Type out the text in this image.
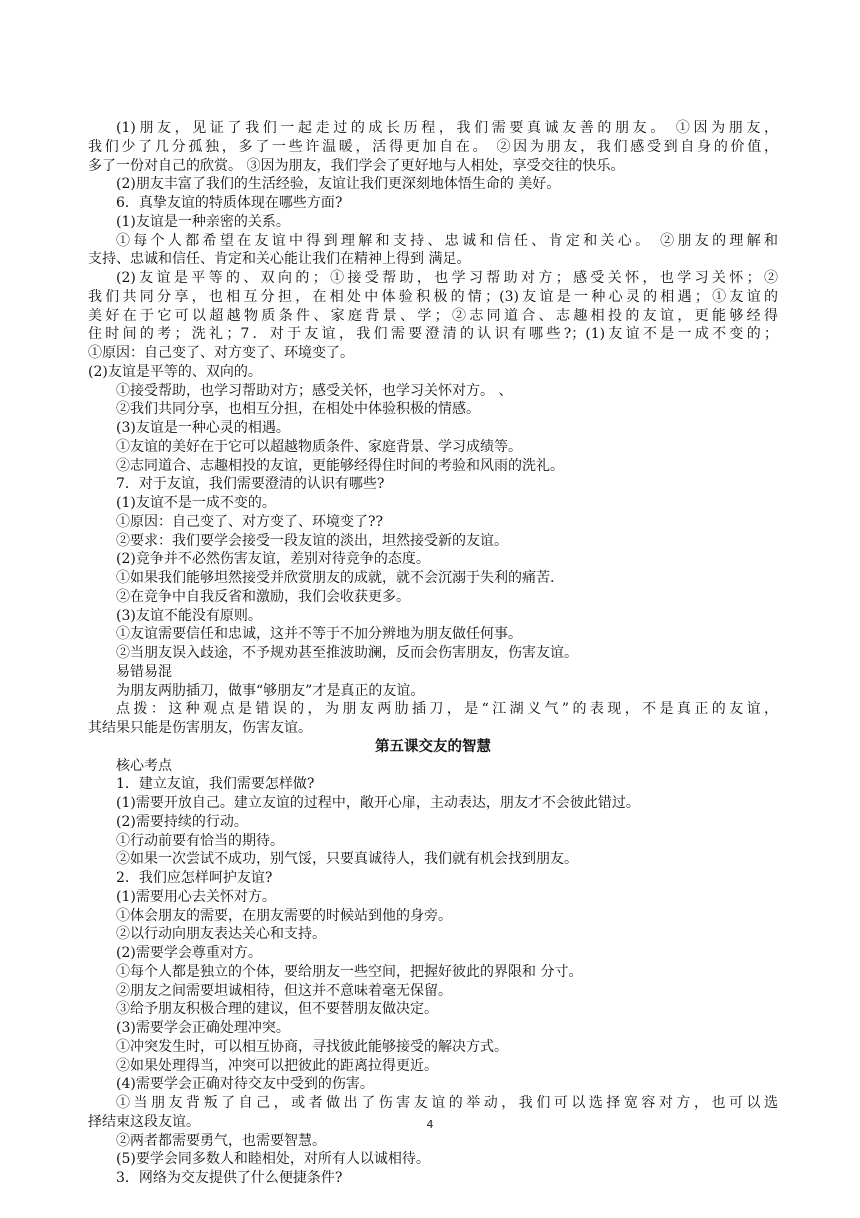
(1)朋友，见证了我们一起走过的成长历程，我们需要真诚友善的朋友。 ①因为朋友，
我们少了几分孤独，多了一些许温暖，活得更加自在。 ②因为朋友，我们感受到自身的价值，
多了一份对自己的欣赏。 ③因为朋友，我们学会了更好地与人相处，享受交往的快乐。
(2)朋友丰富了我们的生活经验，友谊让我们更深刻地体悟生命的 美好。
6．真挚友谊的特质体现在哪些方面?
(1)友谊是一种亲密的关系。
①每个人都希望在友谊中得到理解和支持、忠诚和信任、肯定和关心。 ②朋友的理解和
支持、忠诚和信任、肯定和关心能让我们在精神上得到 满足。
(2)友谊是平等的、双向的；①接受帮助，也学习帮助对方；感受关怀，也学习关怀；②
我们共同分享，也相互分担，在相处中体验积极的情；(3)友谊是一种心灵的相遇；①友谊的
美好在于它可以超越物质条件、家庭背景、学；②志同道合、志趣相投的友谊，更能够经得
住时间的考；洗礼；7．对于友谊，我们需要澄清的认识有哪些?；(1)友谊不是一成不变的；
①原因：自己变了、对方变了、环境变了。
(2)友谊是平等的、双向的。
①接受帮助，也学习帮助对方；感受关怀，也学习关怀对方。 、
②我们共同分享，也相互分担，在相处中体验积极的情感。
(3)友谊是一种心灵的相遇。
①友谊的美好在于它可以超越物质条件、家庭背景、学习成绩等。
②志同道合、志趣相投的友谊，更能够经得住时间的考验和风雨的洗礼。
7．对于友谊，我们需要澄清的认识有哪些?
(1)友谊不是一成不变的。
①原因：自己变了、对方变了、环境变了??
②要求：我们要学会接受一段友谊的淡出，坦然接受新的友谊。
(2)竞争并不必然伤害友谊，差别对待竞争的态度。
①如果我们能够坦然接受并欣赏朋友的成就，就不会沉溺于失利的痛苦.
②在竞争中自我反省和激励，我们会收获更多。
(3)友谊不能没有原则。
①友谊需要信任和忠诚，这并不等于不加分辨地为朋友做任何事。
②当朋友误入歧途，不予规劝甚至推波助澜，反而会伤害朋友，伤害友谊。
易错易混
为朋友两肋插刀，做事“够朋友”才是真正的友谊。
点拨：这种观点是错误的，为朋友两肋插刀，是“江湖义气”的表现，不是真正的友谊，
其结果只能是伤害朋友，伤害友谊。
第五课交友的智慧
核心考点
1．建立友谊，我们需要怎样做?
(1)需要开放自己。建立友谊的过程中，敞开心扉，主动表达，朋友才不会彼此错过。
(2)需要持续的行动。
①行动前要有恰当的期待。
②如果一次尝试不成功，别气馁，只要真诚待人，我们就有机会找到朋友。
2．我们应怎样呵护友谊?
(1)需要用心去关怀对方。
①体会朋友的需要，在朋友需要的时候站到他的身旁。
②以行动向朋友表达关心和支持。
(2)需要学会尊重对方。
①每个人都是独立的个体，要给朋友一些空间，把握好彼此的界限和 分寸。
②朋友之间需要坦诚相待，但这并不意味着毫无保留。
③给予朋友积极合理的建议，但不要替朋友做决定。
(3)需要学会正确处理冲突。
①冲突发生时，可以相互协商，寻找彼此能够接受的解决方式。
②如果处理得当，冲突可以把彼此的距离拉得更近。
(4)需要学会正确对待交友中受到的伤害。
①当朋友背叛了自己，或者做出了伤害友谊的举动，我们可以选择宽容对方，也可以选
择结束这段友谊。
②两者都需要勇气，也需要智慧。
(5)要学会同多数人和睦相处，对所有人以诚相待。
3．网络为交友提供了什么便捷条件?
4
